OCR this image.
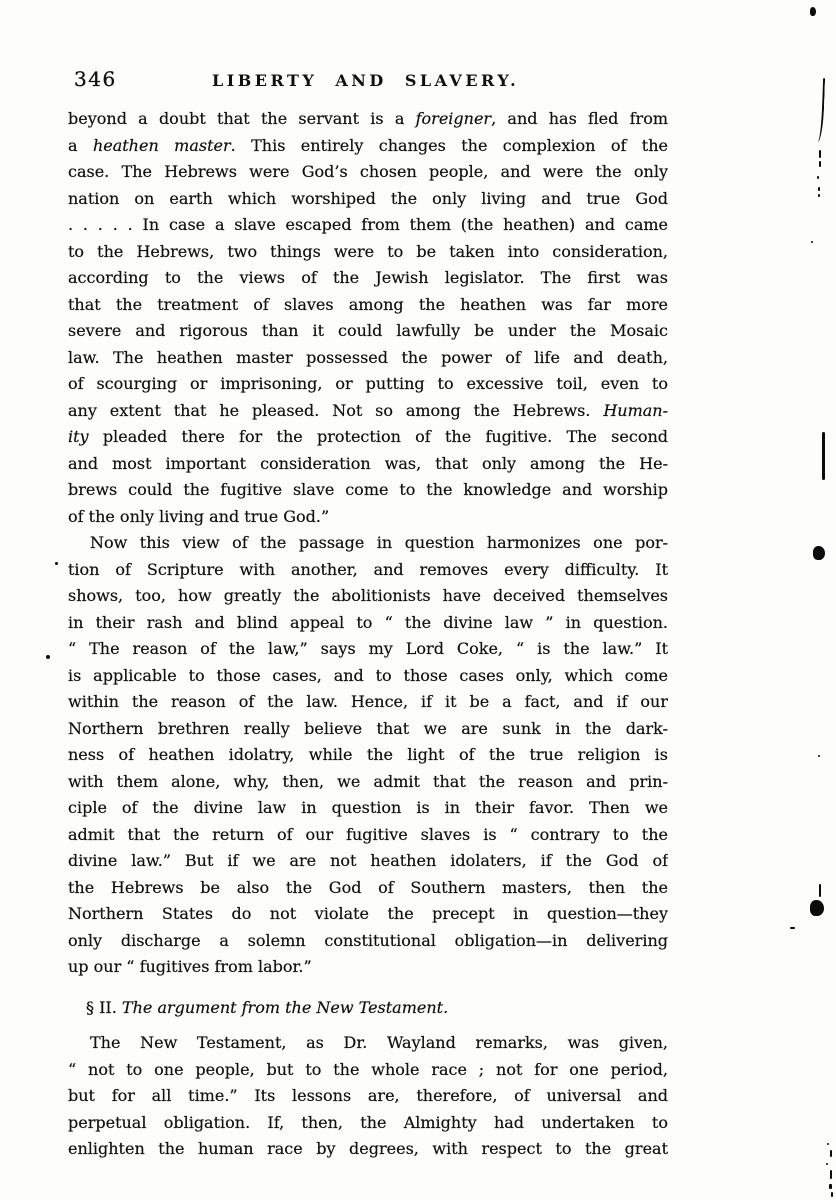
346	LIBERTY AND SLAVERY.
beyond a doubt that the servant is a foreigner, and has fled from
a heathen master. This entirely changes the complexion of the
case. The Hebrews were God’s chosen people, and were the only
nation on earth which worshiped the only living and true God
. . . . . In case a slave escaped from them (the heathen) and came
to the Hebrews, two things were to be taken into consideration,
according to the views of the Jewish legislator. The first was
that the treatment of slaves among the heathen was far more
severe and rigorous than it could lawfully be under the Mosaic
law. The heathen master possessed the power of life and death,
of scourging or imprisoning, or putting to excessive toil, even to
any extent that he pleased. Not so among the Hebrews. Human-
ity pleaded there for the protection of the fugitive. The second
and most important consideration was, that only among the He-
brews could the fugitive slave come to the knowledge and worship
of the only living and true God.”
Now this view of the passage in question harmonizes one por-
tion of Scripture with another, and removes every difficulty. It
shows, too, how greatly the abolitionists have deceived themselves
in their rash and blind appeal to “ the divine law ” in question.
“ The reason of the law,” says my Lord Coke, “ is the law.” It
is applicable to those cases, and to those cases only, which come
within the reason of the law. Hence, if it be a fact, and if our
Northern brethren really believe that we are sunk in the dark-
ness of heathen idolatry, while the light of the true religion is
with them alone, why, then, we admit that the reason and prin-
ciple of the divine law in question is in their favor. Then we
admit that the return of our fugitive slaves is “ contrary to the
divine law.” But if we are not heathen idolaters, if the God of
the Hebrews be also the God of Southern masters, then the
Northern States do not violate the precept in question—they
only discharge a solemn constitutional obligation—in delivering
up our “ fugitives from labor.”
§ II. The argument from the New Testament.
The New Testament, as Dr. Wayland remarks, was given,
“ not to one people, but to the whole race ; not for one period,
but for all time.” Its lessons are, therefore, of universal and
perpetual obligation. If, then, the Almighty had undertaken to
enlighten the human race by degrees, with respect to the great
